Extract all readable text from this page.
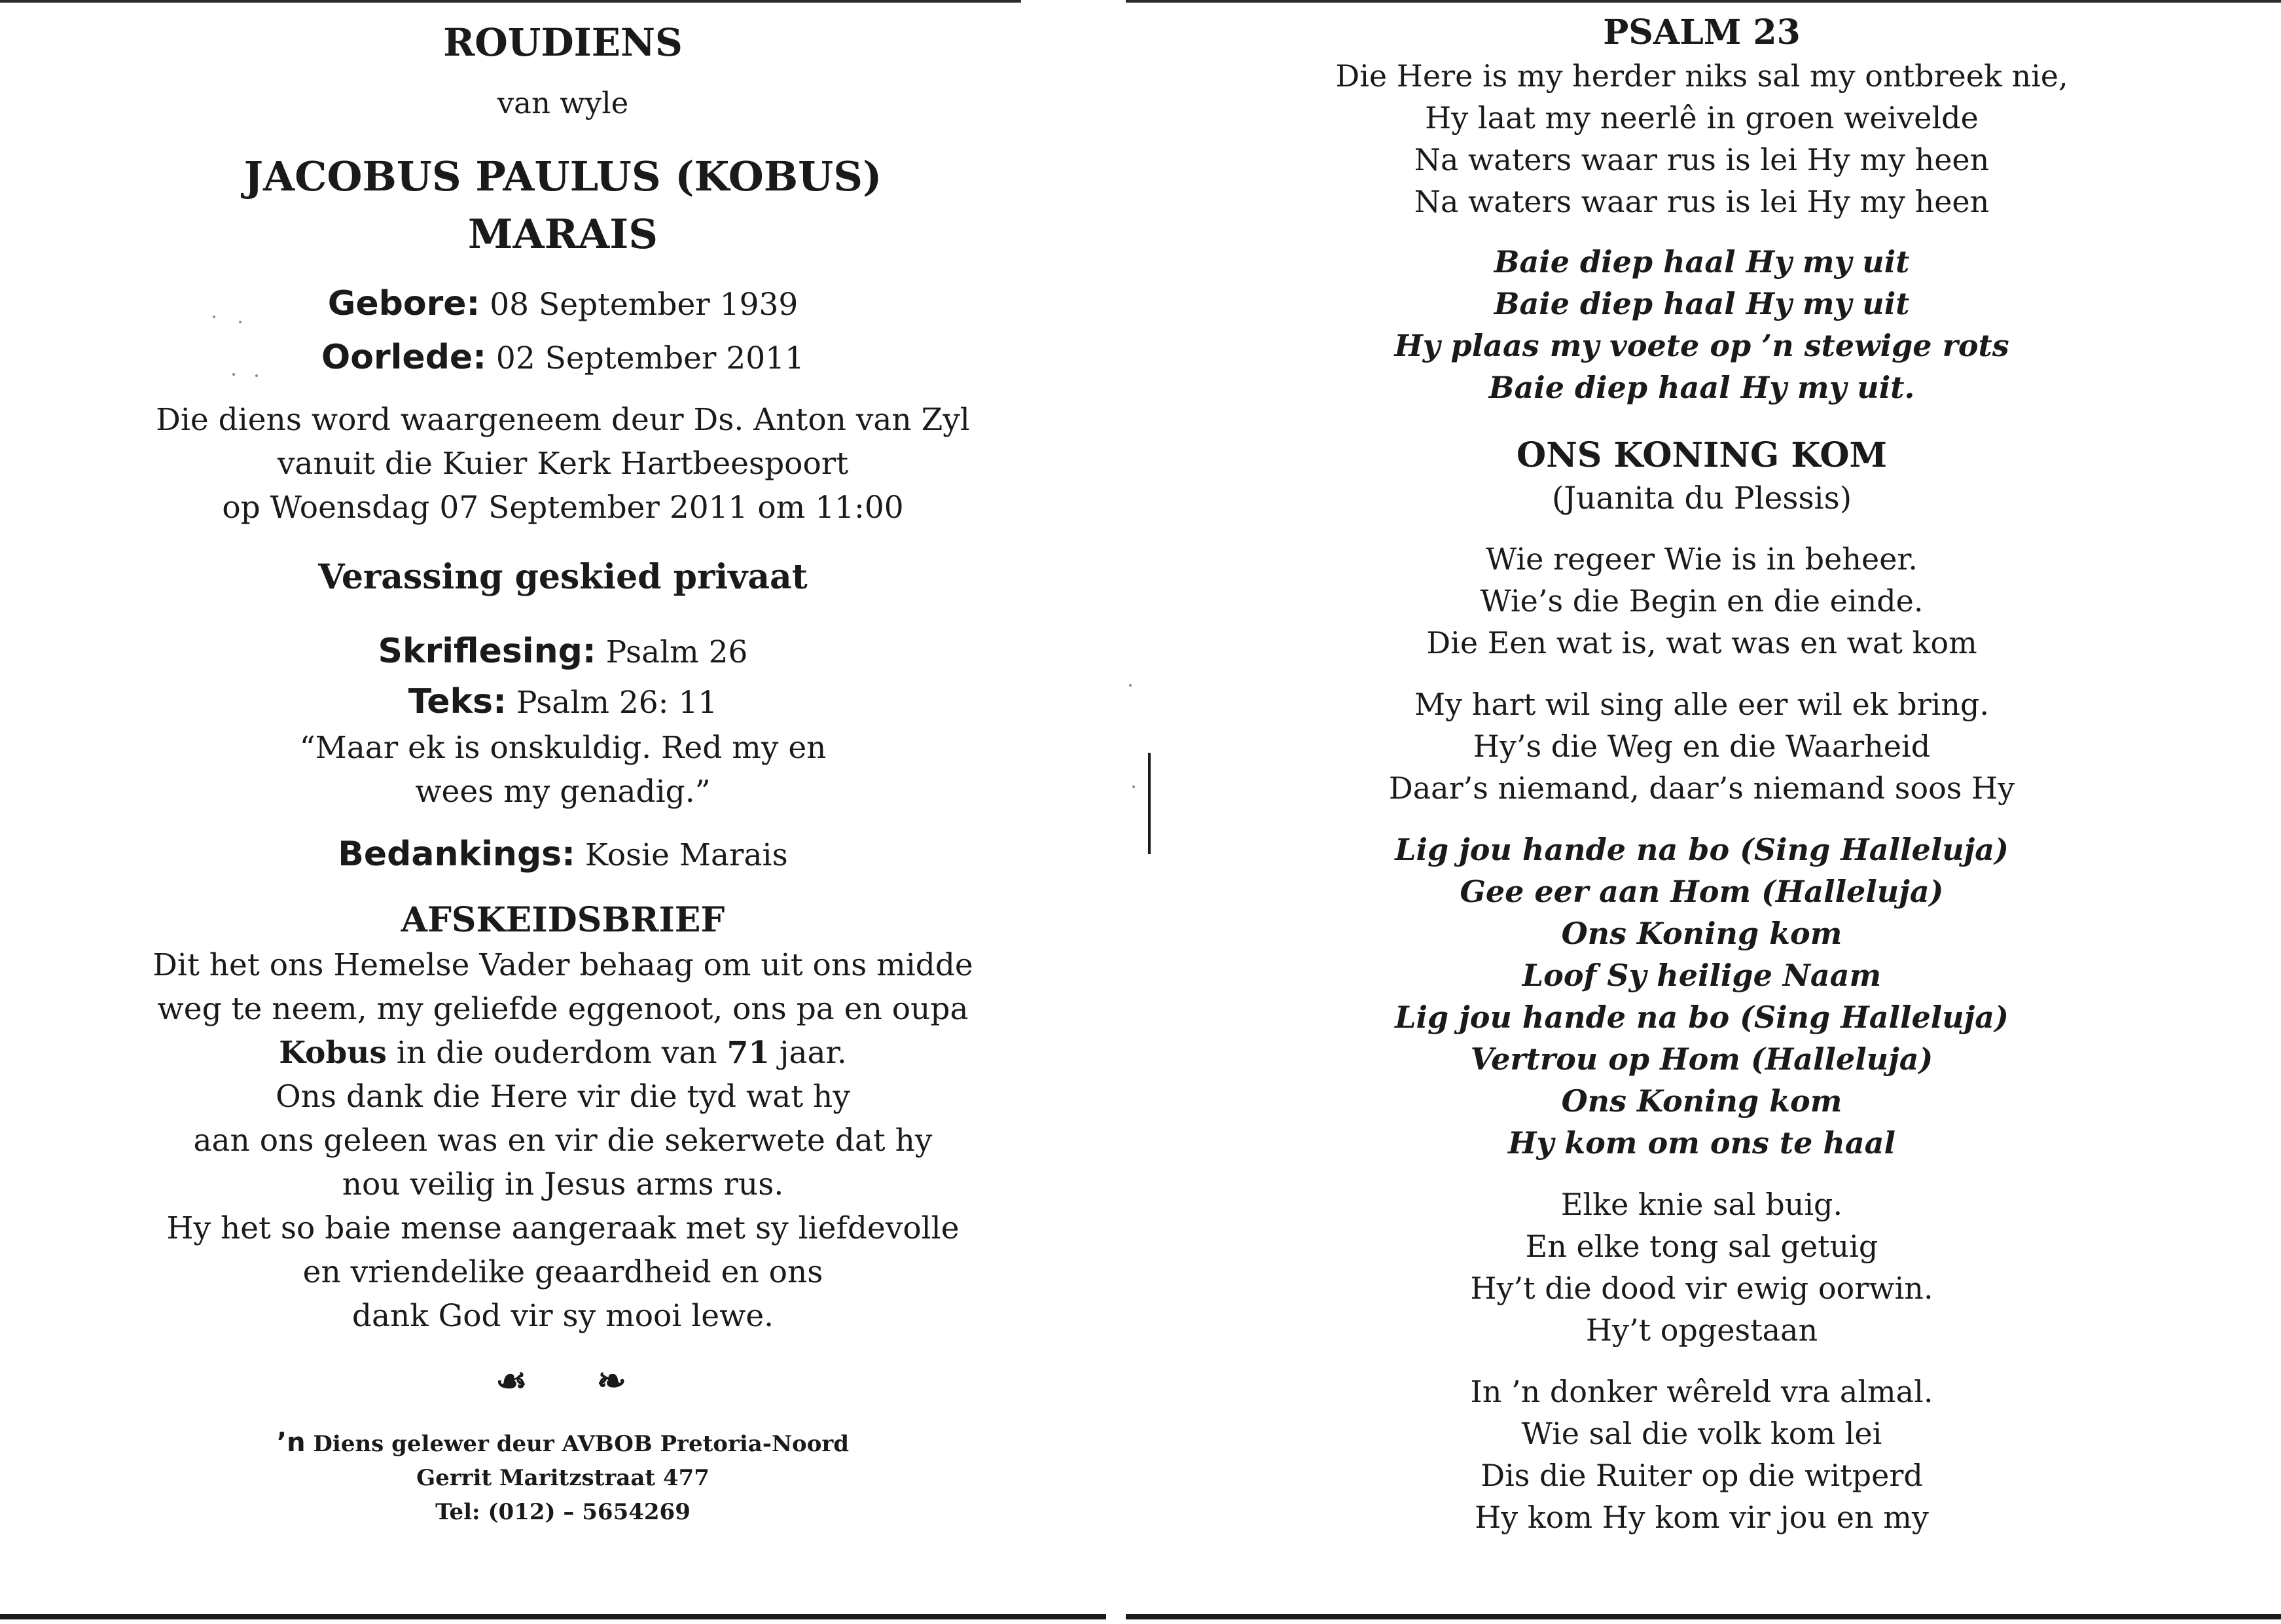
ROUDIENS
van wyle
JACOBUS PAULUS (KOBUS)
MARAIS
Gebore: 08 September 1939
Oorlede: 02 September 2011
Die diens word waargeneem deur Ds. Anton van Zyl
vanuit die Kuier Kerk Hartbeespoort
op Woensdag 07 September 2011 om 11:00
Verassing geskied privaat
Skriflesing: Psalm 26
Teks: Psalm 26: 11
“Maar ek is onskuldig. Red my en
wees my genadig.”
Bedankings: Kosie Marais
AFSKEIDSBRIEF
Dit het ons Hemelse Vader behaag om uit ons midde
weg te neem, my geliefde eggenoot, ons pa en oupa
Kobus in die ouderdom van 71 jaar.
Ons dank die Here vir die tyd wat hy
aan ons geleen was en vir die sekerwete dat hy
nou veilig in Jesus arms rus.
Hy het so baie mense aangeraak met sy liefdevolle
en vriendelike geaardheid en ons
dank God vir sy mooi lewe.
☙ ❧
’n Diens gelewer deur AVBOB Pretoria-Noord
Gerrit Maritzstraat 477
Tel: (012) – 5654269
PSALM 23
Die Here is my herder niks sal my ontbreek nie,
Hy laat my neerlê in groen weivelde
Na waters waar rus is lei Hy my heen
Na waters waar rus is lei Hy my heen
Baie diep haal Hy my uit
Baie diep haal Hy my uit
Hy plaas my voete op ’n stewige rots
Baie diep haal Hy my uit.
ONS KONING KOM
(Juanita du Plessis)
Wie regeer Wie is in beheer.
Wie’s die Begin en die einde.
Die Een wat is, wat was en wat kom
My hart wil sing alle eer wil ek bring.
Hy’s die Weg en die Waarheid
Daar’s niemand, daar’s niemand soos Hy
Lig jou hande na bo (Sing Halleluja)
Gee eer aan Hom (Halleluja)
Ons Koning kom
Loof Sy heilige Naam
Lig jou hande na bo (Sing Halleluja)
Vertrou op Hom (Halleluja)
Ons Koning kom
Hy kom om ons te haal
Elke knie sal buig.
En elke tong sal getuig
Hy’t die dood vir ewig oorwin.
Hy’t opgestaan
In ’n donker wêreld vra almal.
Wie sal die volk kom lei
Dis die Ruiter op die witperd
Hy kom Hy kom vir jou en my
